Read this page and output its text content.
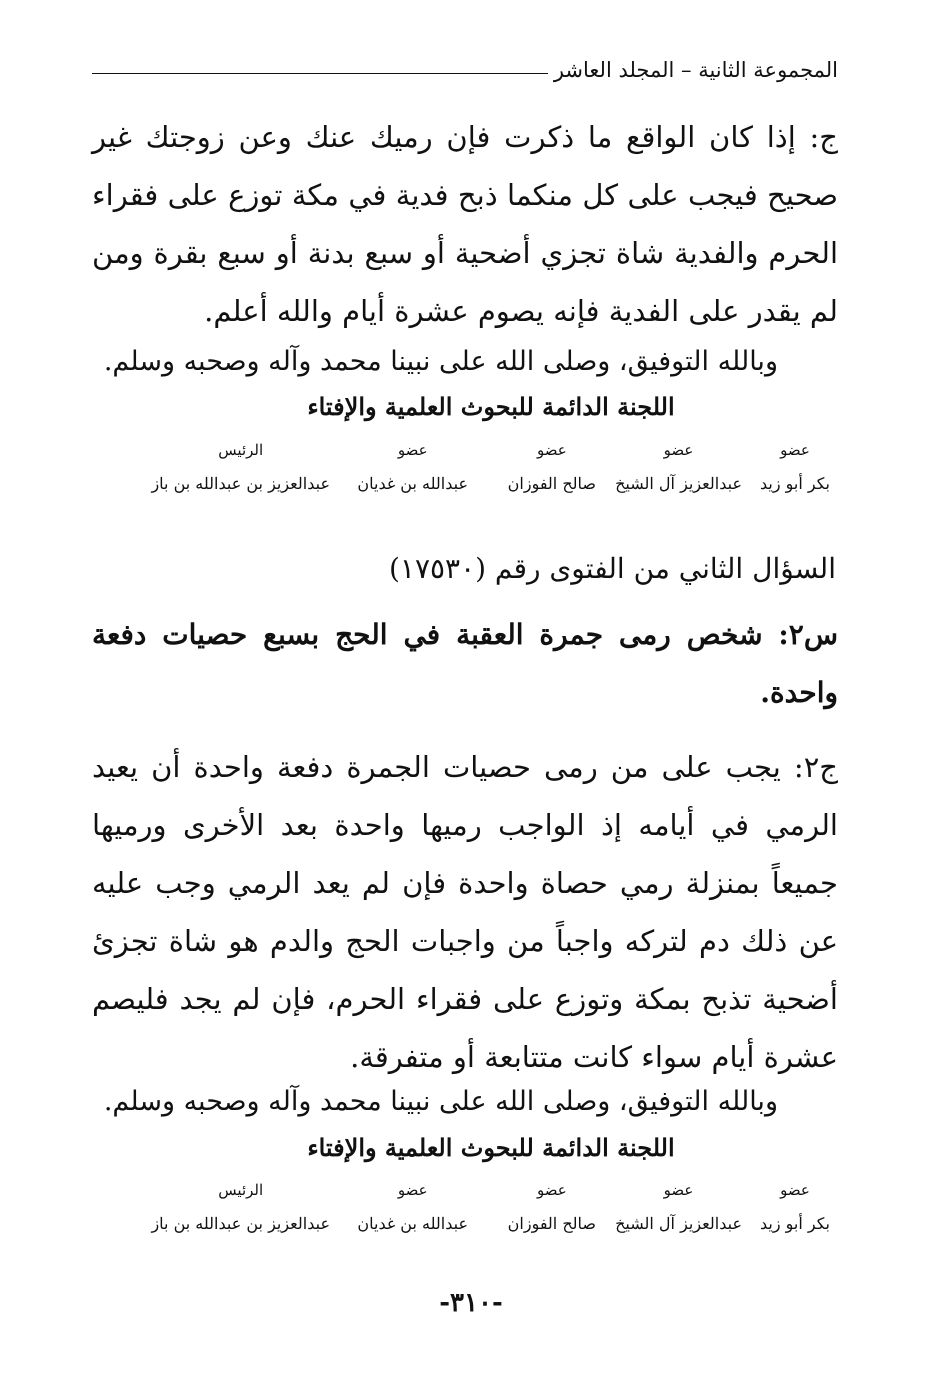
المجموعة الثانية – المجلد العاشر
ج: إذا كان الواقع ما ذكرت فإن رميك عنك وعن زوجتك غير صحيح فيجب على كل منكما ذبح فدية في مكة توزع على فقراء الحرم والفدية شاة تجزي أضحية أو سبع بدنة أو سبع بقرة ومن لم يقدر على الفدية فإنه يصوم عشرة أيام والله أعلم.
وبالله التوفيق، وصلى الله على نبينا محمد وآله وصحبه وسلم.
اللجنة الدائمة للبحوث العلمية والإفتاء
عضو
بكر أبو زيد
عضو
عبدالعزيز آل الشيخ
عضو
صالح الفوزان
عضو
عبدالله بن غديان
الرئيس
عبدالعزيز بن عبدالله بن باز
السؤال الثاني من الفتوى رقم (١٧٥٣٠)
س٢: شخص رمى جمرة العقبة في الحج بسبع حصيات دفعة واحدة.
ج٢: يجب على من رمى حصيات الجمرة دفعة واحدة أن يعيد الرمي في أيامه إذ الواجب رميها واحدة بعد الأخرى ورميها جميعاً بمنزلة رمي حصاة واحدة فإن لم يعد الرمي وجب عليه عن ذلك دم لتركه واجباً من واجبات الحج والدم هو شاة تجزئ أضحية تذبح بمكة وتوزع على فقراء الحرم، فإن لم يجد فليصم عشرة أيام سواء كانت متتابعة أو متفرقة.
وبالله التوفيق، وصلى الله على نبينا محمد وآله وصحبه وسلم.
اللجنة الدائمة للبحوث العلمية والإفتاء
عضو
بكر أبو زيد
عضو
عبدالعزيز آل الشيخ
عضو
صالح الفوزان
عضو
عبدالله بن غديان
الرئيس
عبدالعزيز بن عبدالله بن باز
-٣١٠-
